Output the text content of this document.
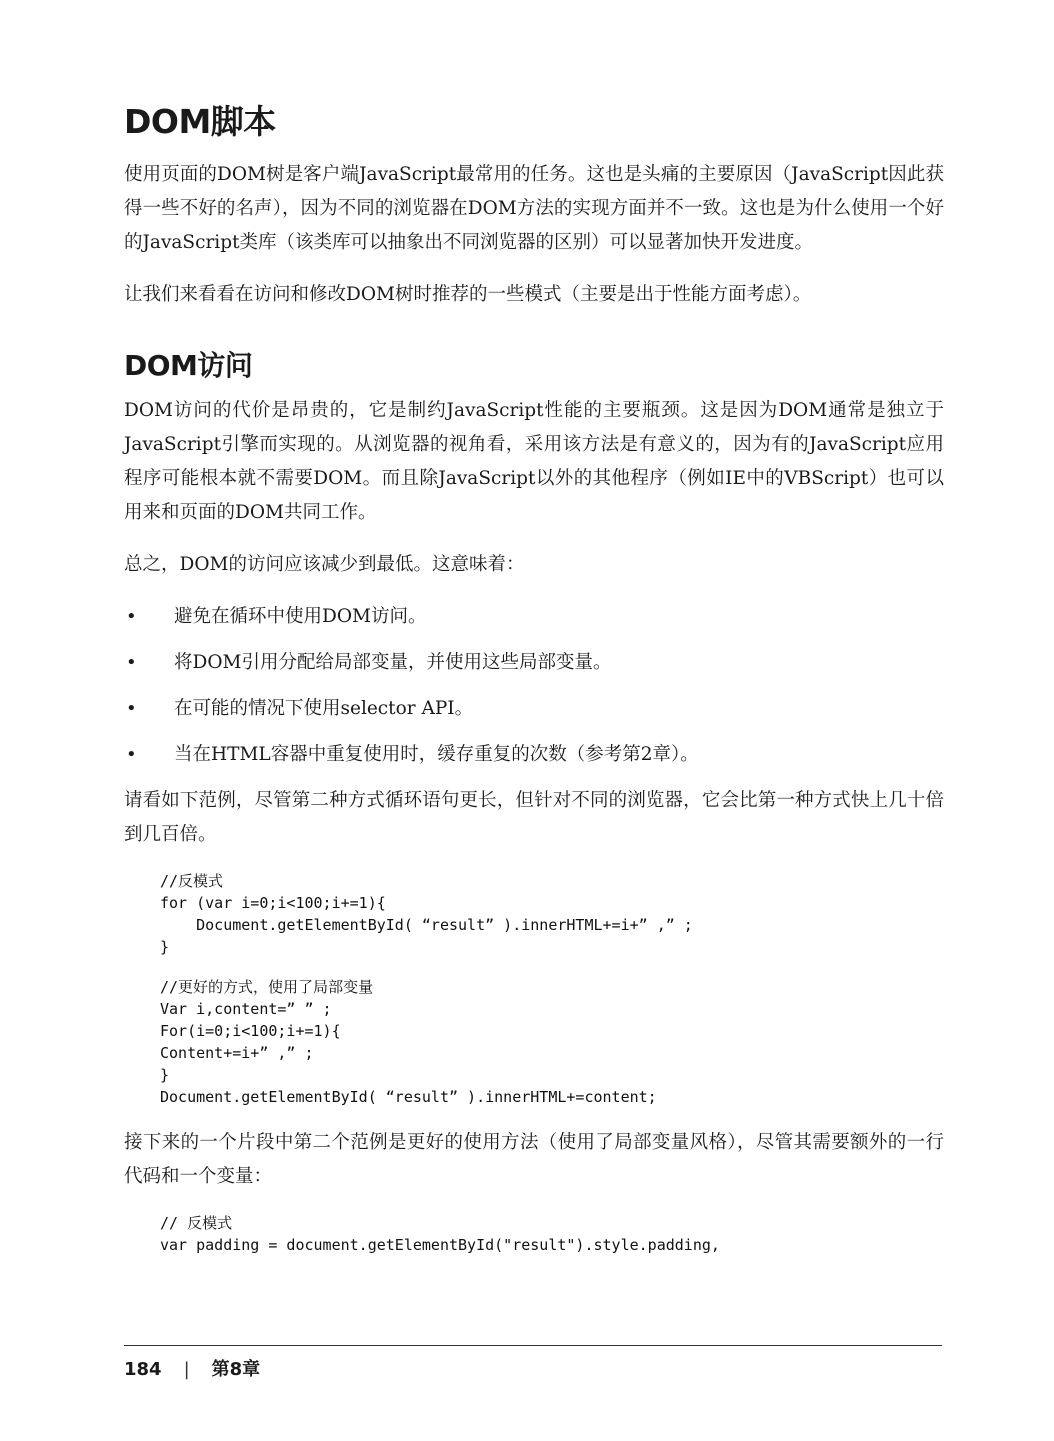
DOM脚本

使用页面的DOM树是客户端JavaScript最常用的任务。这也是头痛的主要原因（JavaScript因此获得一些不好的名声），因为不同的浏览器在DOM方法的实现方面并不一致。这也是为什么使用一个好的JavaScript类库（该类库可以抽象出不同浏览器的区别）可以显著加快开发进度。

让我们来看看在访问和修改DOM树时推荐的一些模式（主要是出于性能方面考虑）。

DOM访问

DOM访问的代价是昂贵的，它是制约JavaScript性能的主要瓶颈。这是因为DOM通常是独立于JavaScript引擎而实现的。从浏览器的视角看，采用该方法是有意义的，因为有的JavaScript应用程序可能根本就不需要DOM。而且除JavaScript以外的其他程序（例如IE中的VBScript）也可以用来和页面的DOM共同工作。

总之，DOM的访问应该减少到最低。这意味着：

• 避免在循环中使用DOM访问。
• 将DOM引用分配给局部变量，并使用这些局部变量。
• 在可能的情况下使用selector API。
• 当在HTML容器中重复使用时，缓存重复的次数（参考第2章）。

请看如下范例，尽管第二种方式循环语句更长，但针对不同的浏览器，它会比第一种方式快上几十倍到几百倍。

//反模式
for (var i=0;i<100;i+=1){
Document.getElementById( “result” ).innerHTML+=i+” ,” ;
}
//更好的方式，使用了局部变量
Var i,content=” ” ;
For(i=0;i<100;i+=1){
Content+=i+” ,” ;
}
Document.getElementById( “result” ).innerHTML+=content;

接下来的一个片段中第二个范例是更好的使用方法（使用了局部变量风格），尽管其需要额外的一行代码和一个变量：

// 反模式
var padding = document.getElementById("result").style.padding,
184 | 第8章
